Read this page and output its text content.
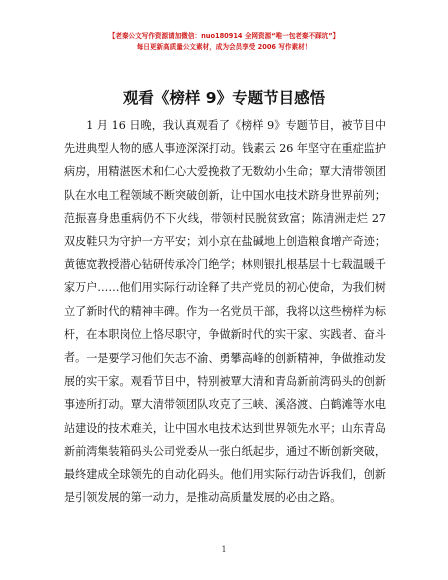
【老秦公文写作资源请加微信：nuo180914 全网资源“唯一包老秦不踩坑”】
每日更新高质量公文素材，成为会员享受 2006 写作素材！
观看《榜样 9》专题节目感悟

1 月 16 日晚，我认真观看了《榜样 9》专题节目，被节目中先进典型人物的感人事迹深深打动。钱素云 26 年坚守在重症监护病房，用精湛医术和仁心大爱挽救了无数幼小生命；覃大清带领团队在水电工程领域不断突破创新，让中国水电技术跻身世界前列；范振喜身患重病仍不下火线，带领村民脱贫致富；陈清洲走烂 27 双皮鞋只为守护一方平安；刘小京在盐碱地上创造粮食增产奇迹；黄德宽教授潜心钻研传承冷门绝学；林则银扎根基层十七载温暖千家万户……他们用实际行动诠释了共产党员的初心使命，为我们树立了新时代的精神丰碑。作为一名党员干部，我将以这些榜样为标杆，在本职岗位上恪尽职守，争做新时代的实干家、实践者、奋斗者。 一是要学习他们矢志不渝、勇攀高峰的创新精神，争做推动发展的实干家。观看节目中，特别被覃大清和青岛新前湾码头的创新事迹所打动。覃大清带领团队攻克了三峡、溪洛渡、白鹤滩等水电站建设的技术难关，让中国水电技术达到世界领先水平；山东青岛新前湾集装箱码头公司党委从一张白纸起步，通过不断创新突破，最终建成全球领先的自动化码头。他们用实际行动告诉我们，创新是引领发展的第一动力，是推动高质量发展的必由之路。

1
